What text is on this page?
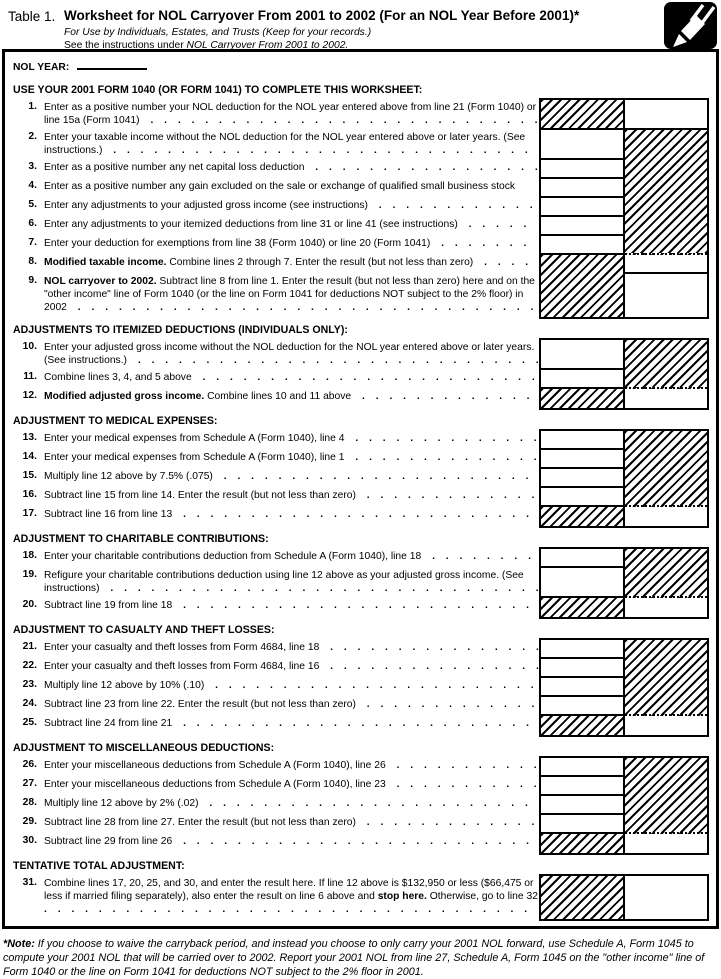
Table 1. Worksheet for NOL Carryover From 2001 to 2002 (For an NOL Year Before 2001)*
For Use by Individuals, Estates, and Trusts (Keep for your records.)
See the instructions under NOL Carryover From 2001 to 2002.
NOL YEAR:
USE YOUR 2001 FORM 1040 (OR FORM 1041) TO COMPLETE THIS WORKSHEET:
1. Enter as a positive number your NOL deduction for the NOL year entered above from line 21 (Form 1040) or line 15a (Form 1041) . . .
2. Enter your taxable income without the NOL deduction for the NOL year entered above or later years. (See instructions.) . . .
3. Enter as a positive number any net capital loss deduction . . .
4. Enter as a positive number any gain excluded on the sale or exchange of qualified small business stock
5. Enter any adjustments to your adjusted gross income (see instructions) . . .
6. Enter any adjustments to your itemized deductions from line 31 or line 41 (see instructions) . . .
7. Enter your deduction for exemptions from line 38 (Form 1040) or line 20 (Form 1041) . . .
8. Modified taxable income. Combine lines 2 through 7. Enter the result (but not less than zero) . . .
9. NOL carryover to 2002. Subtract line 8 from line 1. Enter the result (but not less than zero) here and on the "other income" line of Form 1040 (or the line on Form 1041 for deductions NOT subject to the 2% floor) in 2002 . . .
ADJUSTMENTS TO ITEMIZED DEDUCTIONS (INDIVIDUALS ONLY):
10. Enter your adjusted gross income without the NOL deduction for the NOL year entered above or later years. (See instructions.) . . .
11. Combine lines 3, 4, and 5 above . . .
12. Modified adjusted gross income. Combine lines 10 and 11 above . . .
ADJUSTMENT TO MEDICAL EXPENSES:
13. Enter your medical expenses from Schedule A (Form 1040), line 4 . . .
14. Enter your medical expenses from Schedule A (Form 1040), line 1 . . .
15. Multiply line 12 above by 7.5% (.075) . . .
16. Subtract line 15 from line 14. Enter the result (but not less than zero) . . .
17. Subtract line 16 from line 13 . . .
ADJUSTMENT TO CHARITABLE CONTRIBUTIONS:
18. Enter your charitable contributions deduction from Schedule A (Form 1040), line 18 . . .
19. Refigure your charitable contributions deduction using line 12 above as your adjusted gross income. (See instructions) . . .
20. Subtract line 19 from line 18 . . .
ADJUSTMENT TO CASUALTY AND THEFT LOSSES:
21. Enter your casualty and theft losses from Form 4684, line 18 . . .
22. Enter your casualty and theft losses from Form 4684, line 16 . . .
23. Multiply line 12 above by 10% (.10) . . .
24. Subtract line 23 from line 22. Enter the result (but not less than zero) . . .
25. Subtract line 24 from line 21 . . .
ADJUSTMENT TO MISCELLANEOUS DEDUCTIONS:
26. Enter your miscellaneous deductions from Schedule A (Form 1040), line 26 . . .
27. Enter your miscellaneous deductions from Schedule A (Form 1040), line 23 . . .
28. Multiply line 12 above by 2% (.02) . . .
29. Subtract line 28 from line 27. Enter the result (but not less than zero) . . .
30. Subtract line 29 from line 26 . . .
TENTATIVE TOTAL ADJUSTMENT:
31. Combine lines 17, 20, 25, and 30, and enter the result here. If line 12 above is $132,950 or less ($66,475 or less if married filing separately), also enter the result on line 6 above and stop here. Otherwise, go to line 32 . . .
*Note: If you choose to waive the carryback period, and instead you choose to only carry your 2001 NOL forward, use Schedule A, Form 1045 to compute your 2001 NOL that will be carried over to 2002. Report your 2001 NOL from line 27, Schedule A, Form 1045 on the "other income" line of Form 1040 or the line on Form 1041 for deductions NOT subject to the 2% floor in 2001.
